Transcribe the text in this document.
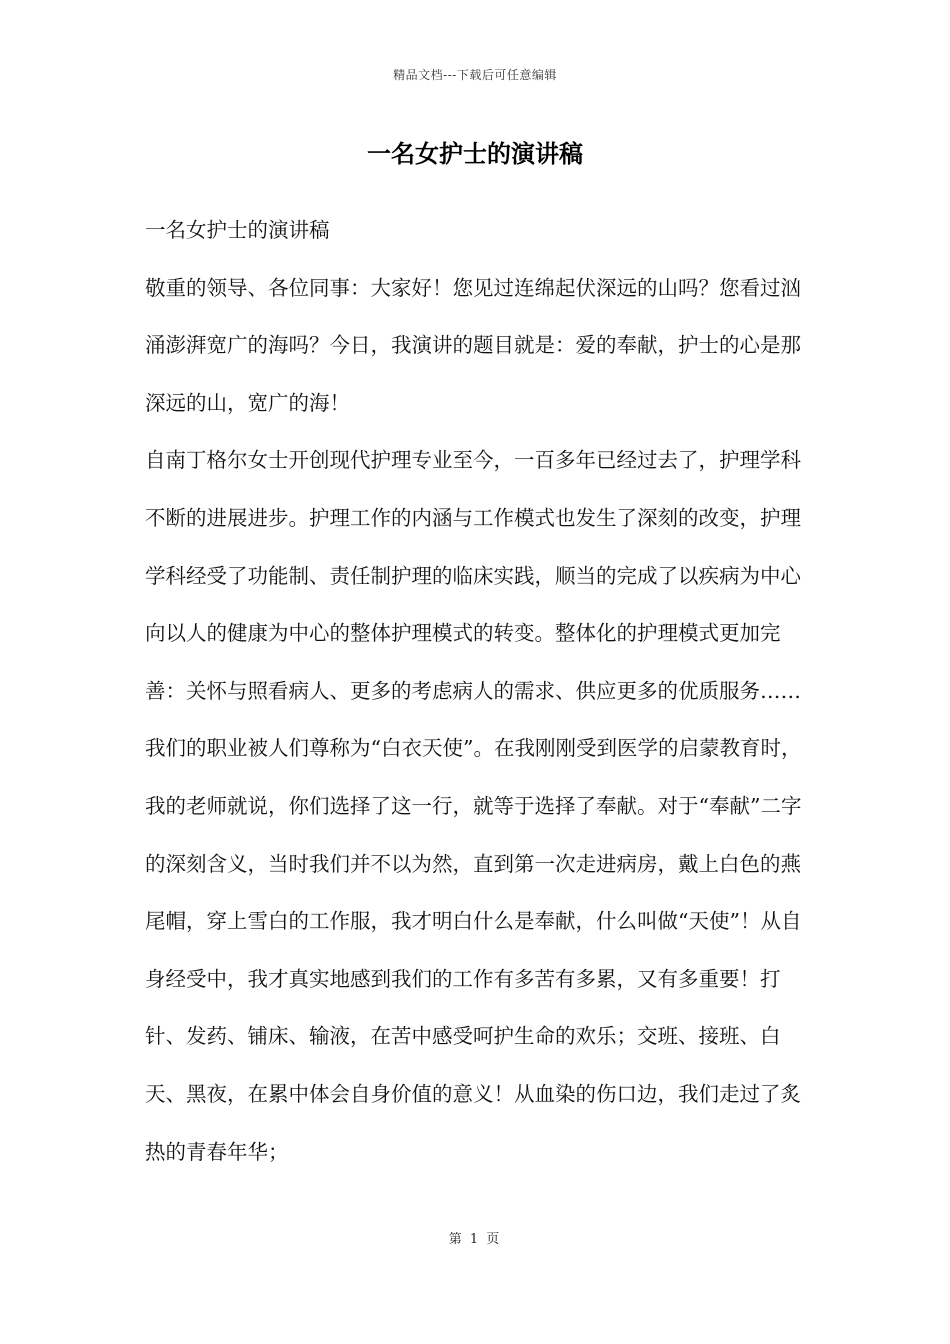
精品文档---下载后可任意编辑
一名女护士的演讲稿

一名女护士的演讲稿

敬重的领导、各位同事：大家好！您见过连绵起伏深远的山吗？您看过汹涌澎湃宽广的海吗？今日，我演讲的题目就是：爱的奉献，护士的心是那深远的山，宽广的海！

自南丁格尔女士开创现代护理专业至今，一百多年已经过去了，护理学科不断的进展进步。护理工作的内涵与工作模式也发生了深刻的改变，护理学科经受了功能制、责任制护理的临床实践，顺当的完成了以疾病为中心向以人的健康为中心的整体护理模式的转变。整体化的护理模式更加完善：关怀与照看病人、更多的考虑病人的需求、供应更多的优质服务……

我们的职业被人们尊称为“白衣天使”。在我刚刚受到医学的启蒙教育时，我的老师就说，你们选择了这一行，就等于选择了奉献。对于“奉献”二字的深刻含义，当时我们并不以为然，直到第一次走进病房，戴上白色的燕尾帽，穿上雪白的工作服，我才明白什么是奉献，什么叫做“天使”！从自身经受中，我才真实地感到我们的工作有多苦有多累，又有多重要！打针、发药、铺床、输液，在苦中感受呵护生命的欢乐；交班、接班、白天、黑夜，在累中体会自身价值的意义！从血染的伤口边，我们走过了炙热的青春年华；

第 1 页
